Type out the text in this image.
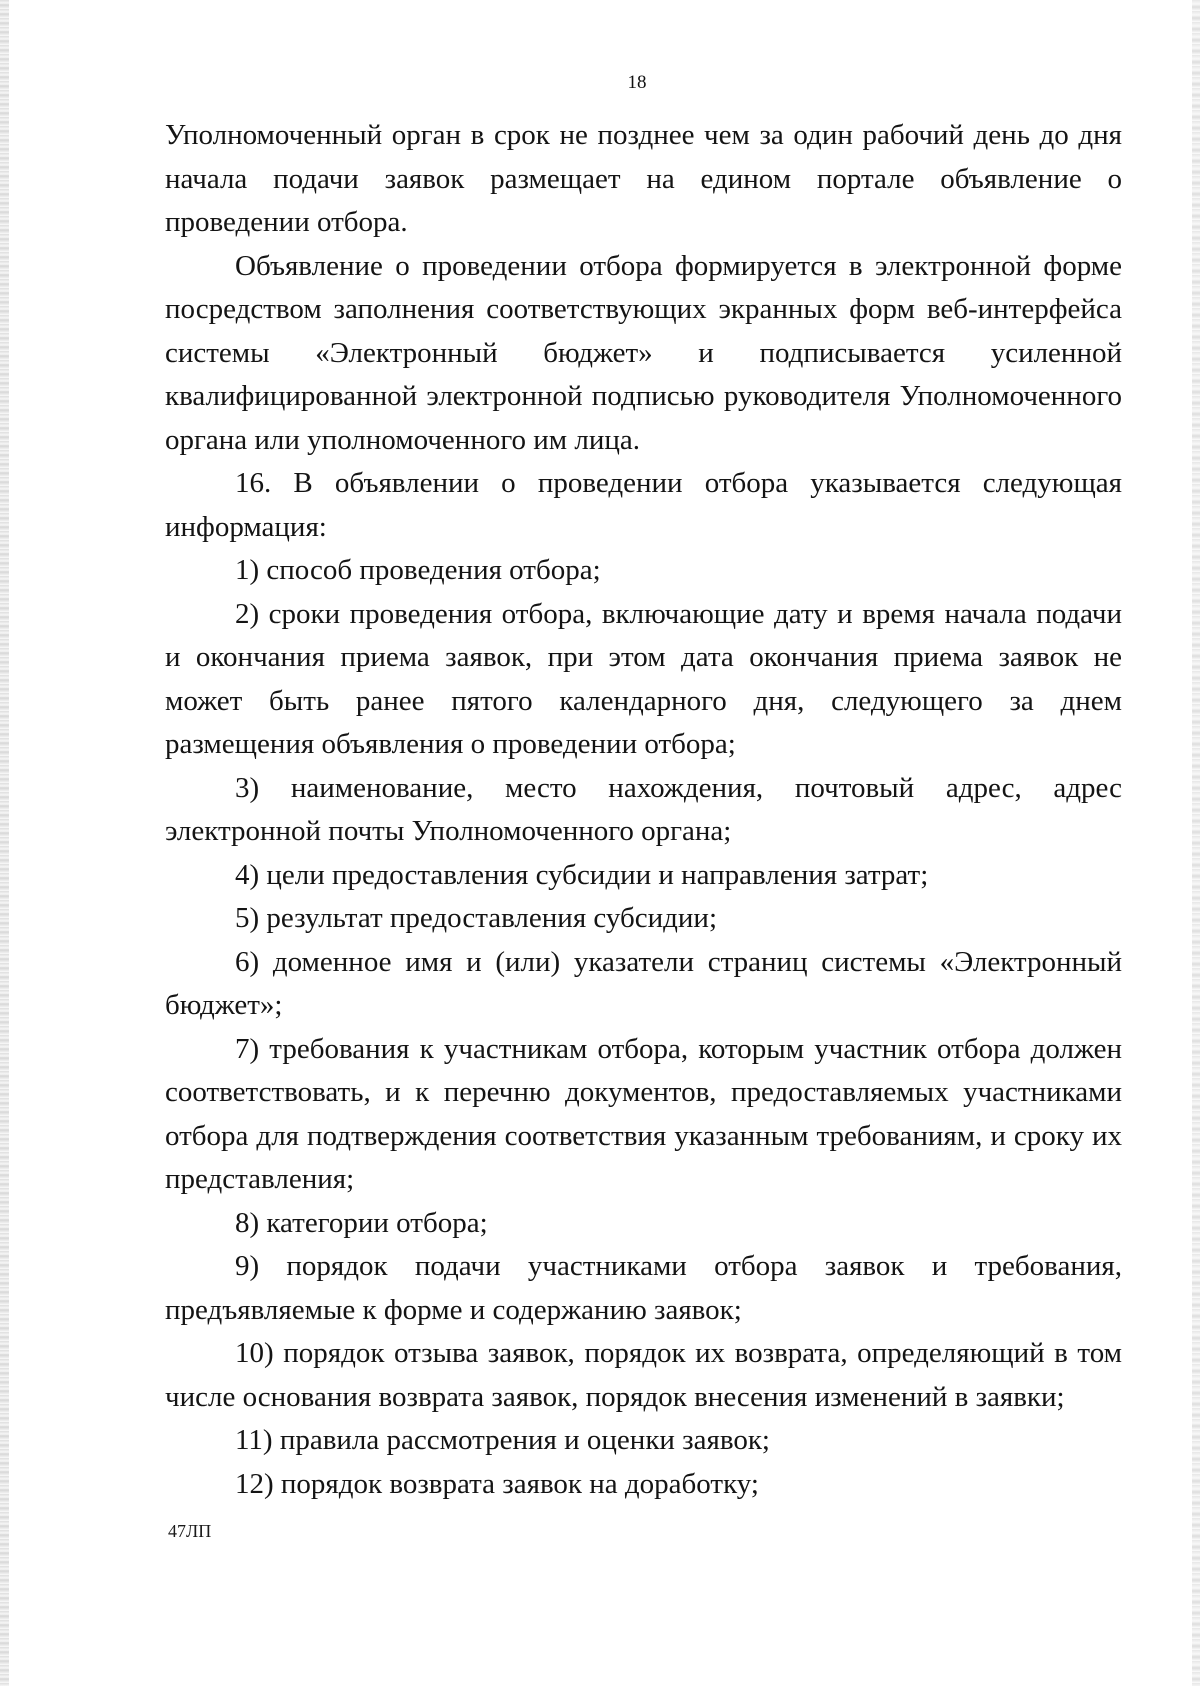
18

Уполномоченный орган в срок не позднее чем за один рабочий день до дня начала подачи заявок размещает на едином портале объявление о проведении отбора.

Объявление о проведении отбора формируется в электронной форме посредством заполнения соответствующих экранных форм веб-интерфейса системы «Электронный бюджет» и подписывается усиленной квалифицированной электронной подписью руководителя Уполномоченного органа или уполномоченного им лица.

16. В объявлении о проведении отбора указывается следующая информация:

1) способ проведения отбора;

2) сроки проведения отбора, включающие дату и время начала подачи и окончания приема заявок, при этом дата окончания приема заявок не может быть ранее пятого календарного дня, следующего за днем размещения объявления о проведении отбора;

3) наименование, место нахождения, почтовый адрес, адрес электронной почты Уполномоченного органа;

4) цели предоставления субсидии и направления затрат;

5) результат предоставления субсидии;

6) доменное имя и (или) указатели страниц системы «Электронный бюджет»;

7) требования к участникам отбора, которым участник отбора должен соответствовать, и к перечню документов, предоставляемых участниками отбора для подтверждения соответствия указанным требованиям, и сроку их представления;

8) категории отбора;

9) порядок подачи участниками отбора заявок и требования, предъявляемые к форме и содержанию заявок;

10) порядок отзыва заявок, порядок их возврата, определяющий в том числе основания возврата заявок, порядок внесения изменений в заявки;

11) правила рассмотрения и оценки заявок;

12) порядок возврата заявок на доработку;

47ЛП
